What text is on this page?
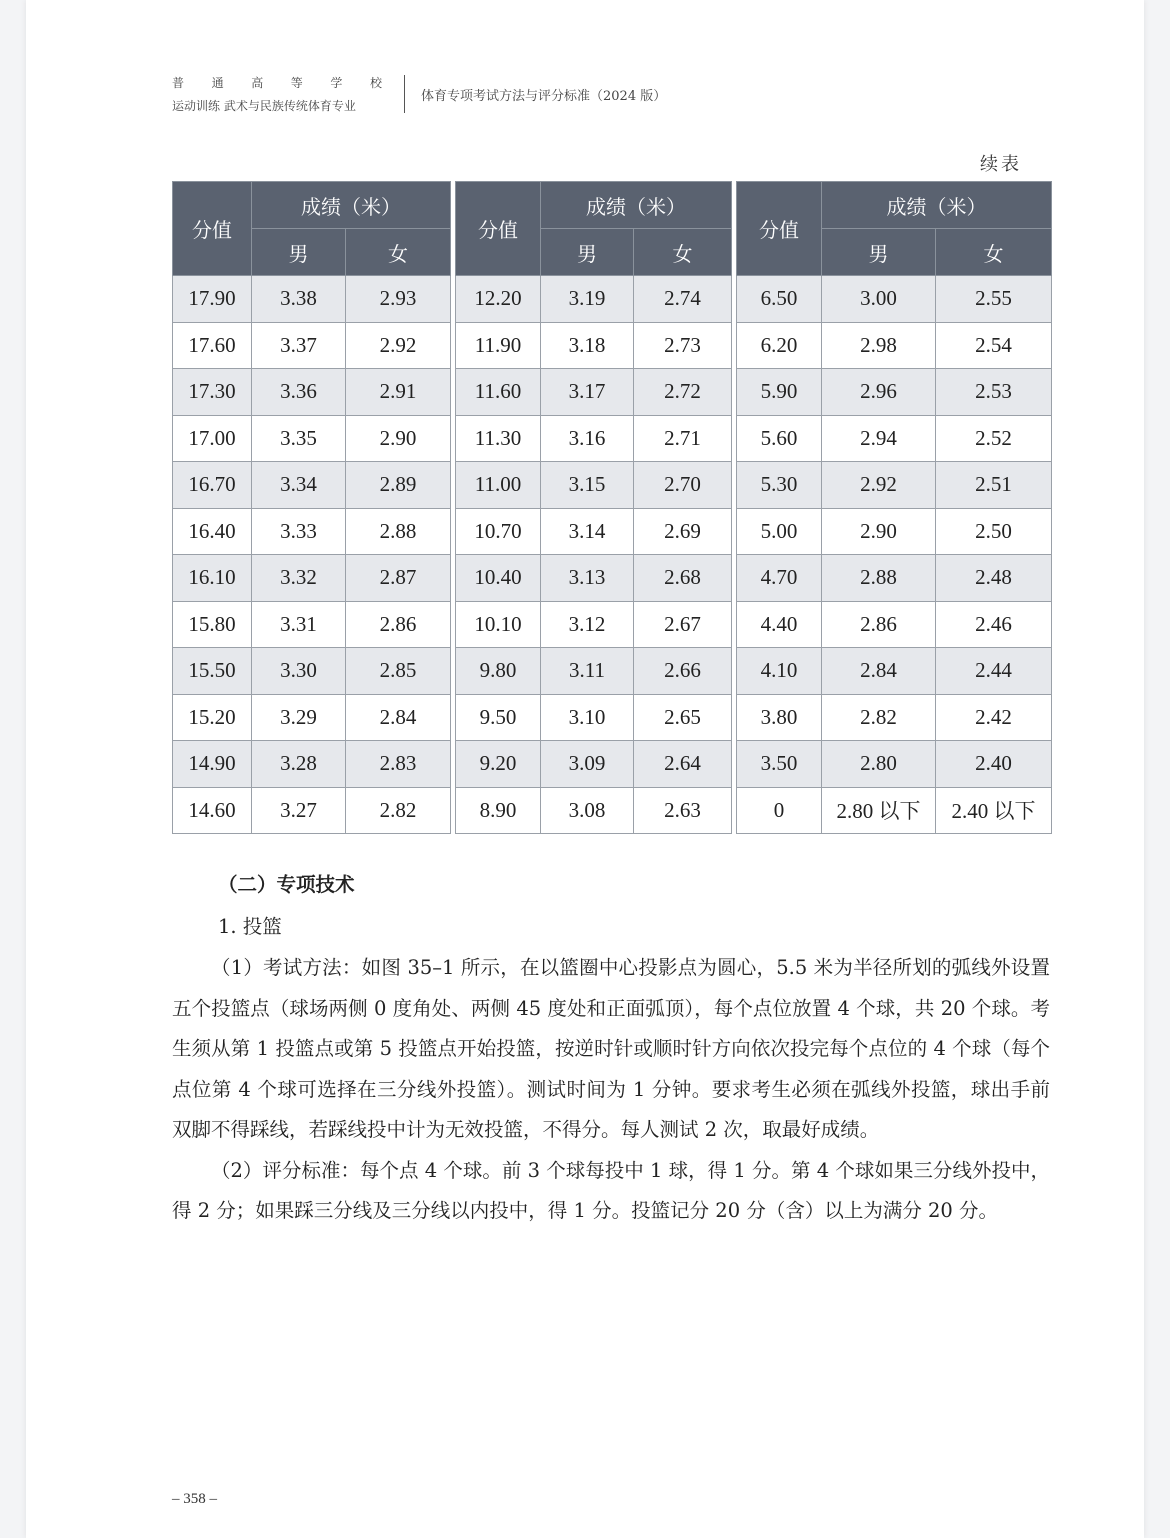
普 通 高 等 学 校
运动训练 武术与民族传统体育专业
体育专项考试方法与评分标准（2024 版）
续表
分值	成绩（米）	
	男	女
17.90	3.38	2.93
17.60	3.37	2.92
17.30	3.36	2.91
17.00	3.35	2.90
16.70	3.34	2.89
16.40	3.33	2.88
16.10	3.32	2.87
15.80	3.31	2.86
15.50	3.30	2.85
15.20	3.29	2.84
14.90	3.28	2.83
14.60	3.27	2.82
分值	成绩（米）	
	男	女
12.20	3.19	2.74
11.90	3.18	2.73
11.60	3.17	2.72
11.30	3.16	2.71
11.00	3.15	2.70
10.70	3.14	2.69
10.40	3.13	2.68
10.10	3.12	2.67
9.80	3.11	2.66
9.50	3.10	2.65
9.20	3.09	2.64
8.90	3.08	2.63
分值	成绩（米）	
	男	女
6.50	3.00	2.55
6.20	2.98	2.54
5.90	2.96	2.53
5.60	2.94	2.52
5.30	2.92	2.51
5.00	2.90	2.50
4.70	2.88	2.48
4.40	2.86	2.46
4.10	2.84	2.44
3.80	2.82	2.42
3.50	2.80	2.40
0	2.80 以下	2.40 以下
（二）专项技术
1. 投篮

（1）考试方法：如图 35–1 所示，在以篮圈中心投影点为圆心，5.5 米为半径所划的弧线外设置五个投篮点（球场两侧 0 度角处、两侧 45 度处和正面弧顶），每个点位放置 4 个球，共 20 个球。考生须从第 1 投篮点或第 5 投篮点开始投篮，按逆时针或顺时针方向依次投完每个点位的 4 个球（每个点位第 4 个球可选择在三分线外投篮）。测试时间为 1 分钟。要求考生必须在弧线外投篮，球出手前双脚不得踩线，若踩线投中计为无效投篮，不得分。每人测试 2 次，取最好成绩。

（2）评分标准：每个点 4 个球。前 3 个球每投中 1 球，得 1 分。第 4 个球如果三分线外投中，得 2 分；如果踩三分线及三分线以内投中，得 1 分。投篮记分 20 分（含）以上为满分 20 分。

– 358 –
